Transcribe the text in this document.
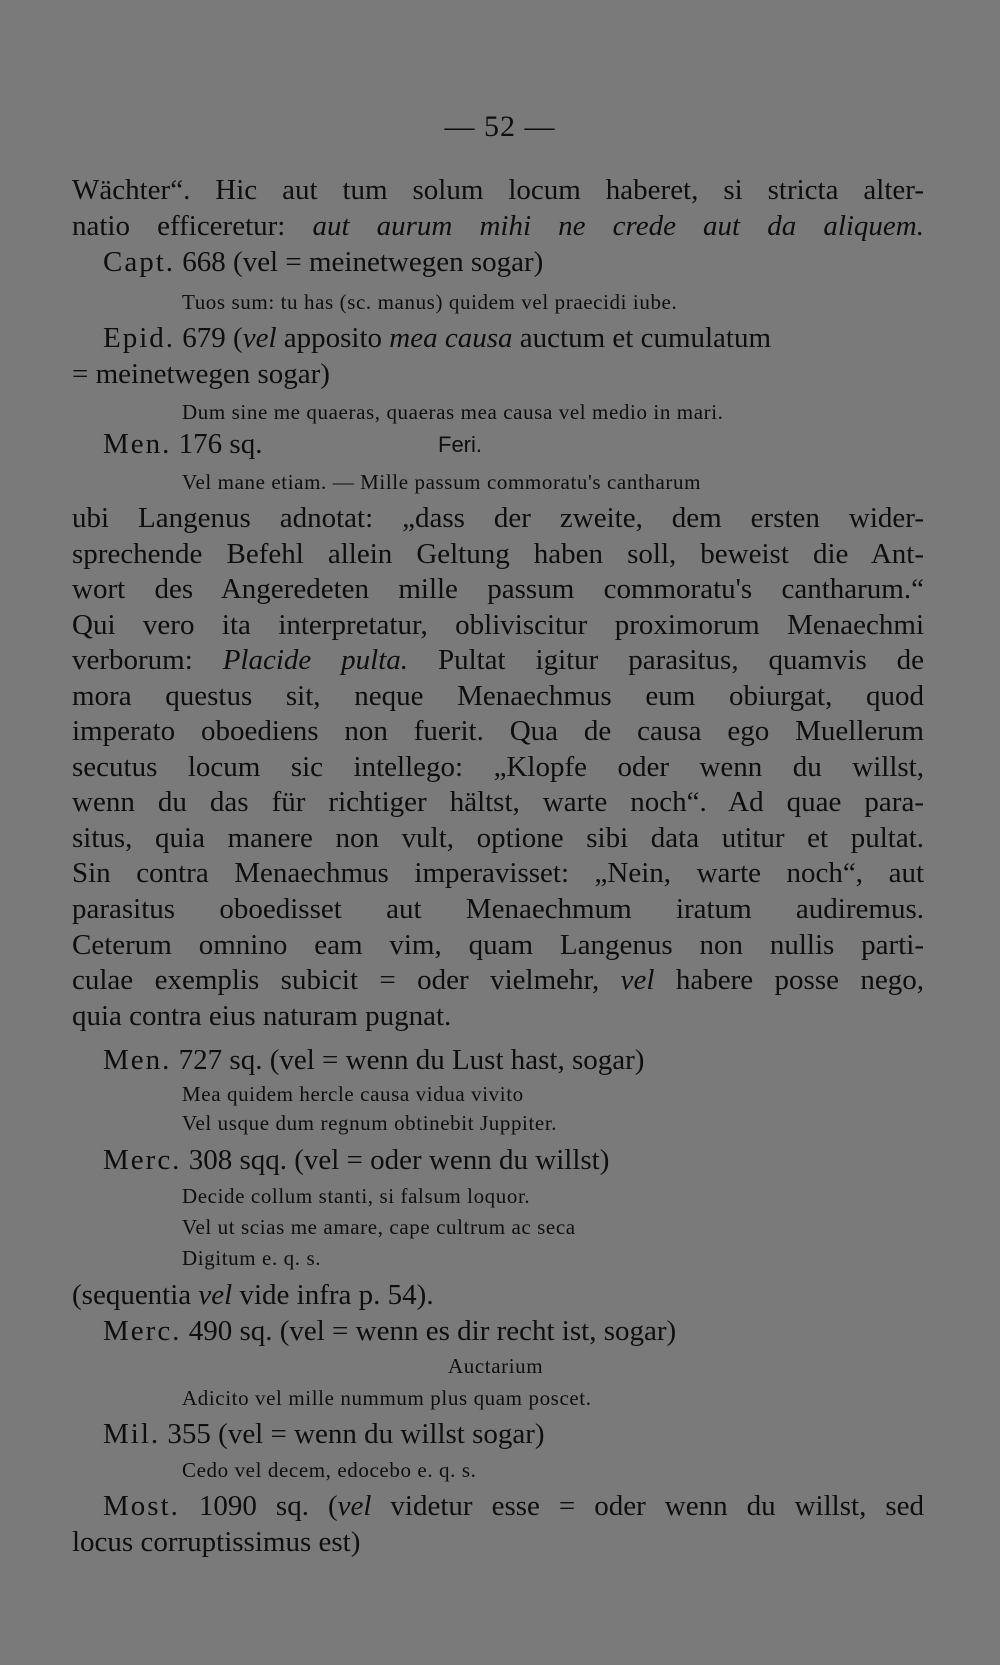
— 52 —
Wächter“. Hic aut tum solum locum haberet, si stricta alter-
natio efficeretur: aut aurum mihi ne crede aut da aliquem.
Capt. 668 (vel = meinetwegen sogar)
Tuos sum: tu has (sc. manus) quidem vel praecidi iube.
Epid. 679 (vel apposito mea causa auctum et cumulatum
= meinetwegen sogar)
Dum sine me quaeras, quaeras mea causa vel medio in mari.
Men. 176 sq.	Feri.
Vel mane etiam. — Mille passum commoratu's cantharum
ubi Langenus adnotat: „dass der zweite, dem ersten wider-
sprechende Befehl allein Geltung haben soll, beweist die Ant-
wort des Angeredeten mille passum commoratu's cantharum.“
Qui vero ita interpretatur, obliviscitur proximorum Menaechmi
verborum: Placide pulta. Pultat igitur parasitus, quamvis de
mora questus sit, neque Menaechmus eum obiurgat, quod
imperato oboediens non fuerit. Qua de causa ego Muellerum
secutus locum sic intellego: „Klopfe oder wenn du willst,
wenn du das für richtiger hältst, warte noch“. Ad quae para-
situs, quia manere non vult, optione sibi data utitur et pultat.
Sin contra Menaechmus imperavisset: „Nein, warte noch“, aut
parasitus oboedisset aut Menaechmum iratum audiremus.
Ceterum omnino eam vim, quam Langenus non nullis parti-
culae exemplis subicit = oder vielmehr, vel habere posse nego,
quia contra eius naturam pugnat.
Men. 727 sq. (vel = wenn du Lust hast, sogar)
Mea quidem hercle causa vidua vivito
Vel usque dum regnum obtinebit Juppiter.
Merc. 308 sqq. (vel = oder wenn du willst)
Decide collum stanti, si falsum loquor.
Vel ut scias me amare, cape cultrum ac seca
Digitum e. q. s.
(sequentia vel vide infra p. 54).
Merc. 490 sq. (vel = wenn es dir recht ist, sogar)
Auctarium
Adicito vel mille nummum plus quam poscet.
Mil. 355 (vel = wenn du willst sogar)
Cedo vel decem, edocebo e. q. s.
Most. 1090 sq. (vel videtur esse = oder wenn du willst, sed
locus corruptissimus est)
